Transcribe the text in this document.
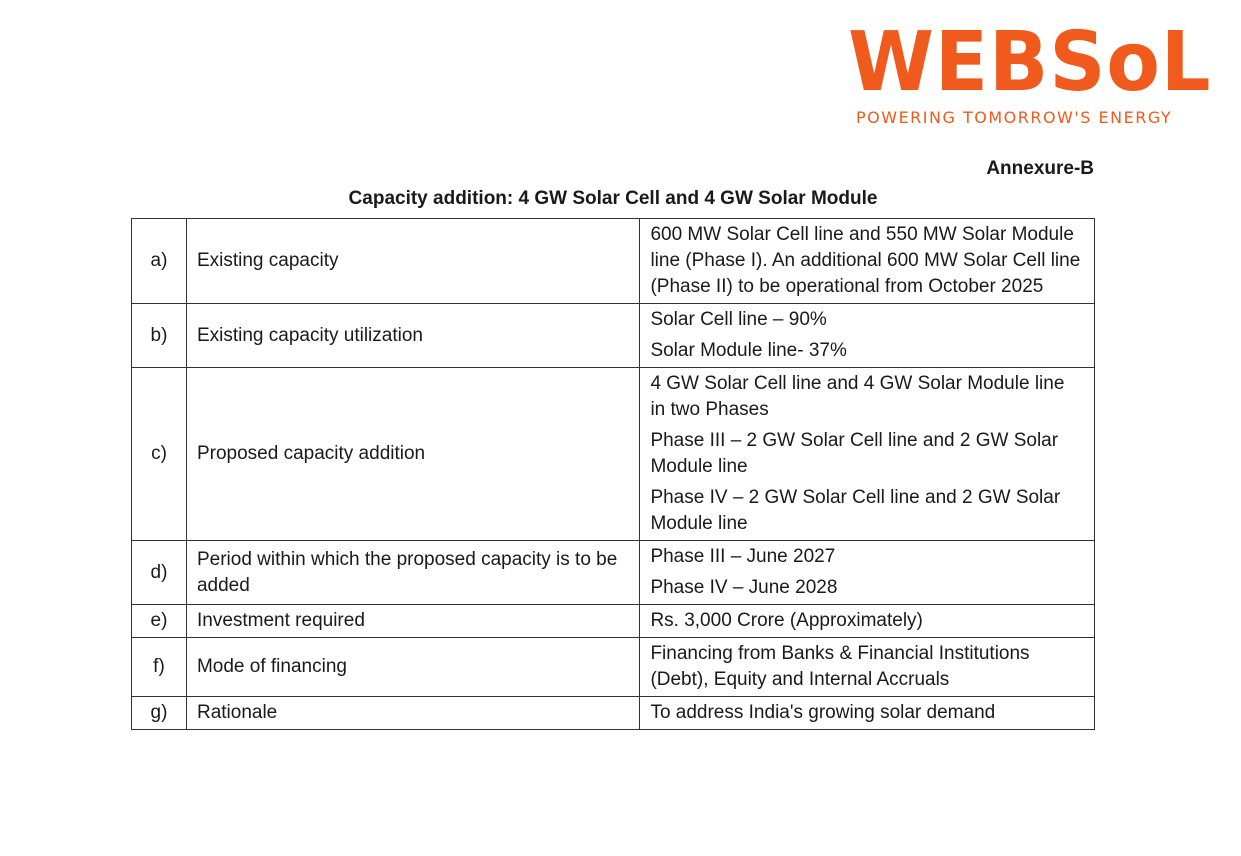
WEBSoL
POWERING TOMORROW'S ENERGY
Annexure-B
Capacity addition: 4 GW Solar Cell and 4 GW Solar Module
a)	Existing capacity	600 MW Solar Cell line and 550 MW Solar Module line (Phase I). An additional 600 MW Solar Cell line (Phase II) to be operational from October 2025

b)	Existing capacity utilization	Solar Cell line – 90%

Solar Module line- 37%

c)	Proposed capacity addition	4 GW Solar Cell line and 4 GW Solar Module line in two Phases

Phase III – 2 GW Solar Cell line and 2 GW Solar Module line

Phase IV – 2 GW Solar Cell line and 2 GW Solar Module line

d)	Period within which the proposed capacity is to be added	Phase III – June 2027

Phase IV – June 2028

e)	Investment required	Rs. 3,000 Crore (Approximately)

f)	Mode of financing	Financing from Banks & Financial Institutions (Debt), Equity and Internal Accruals

g)	Rationale	To address India's growing solar demand
